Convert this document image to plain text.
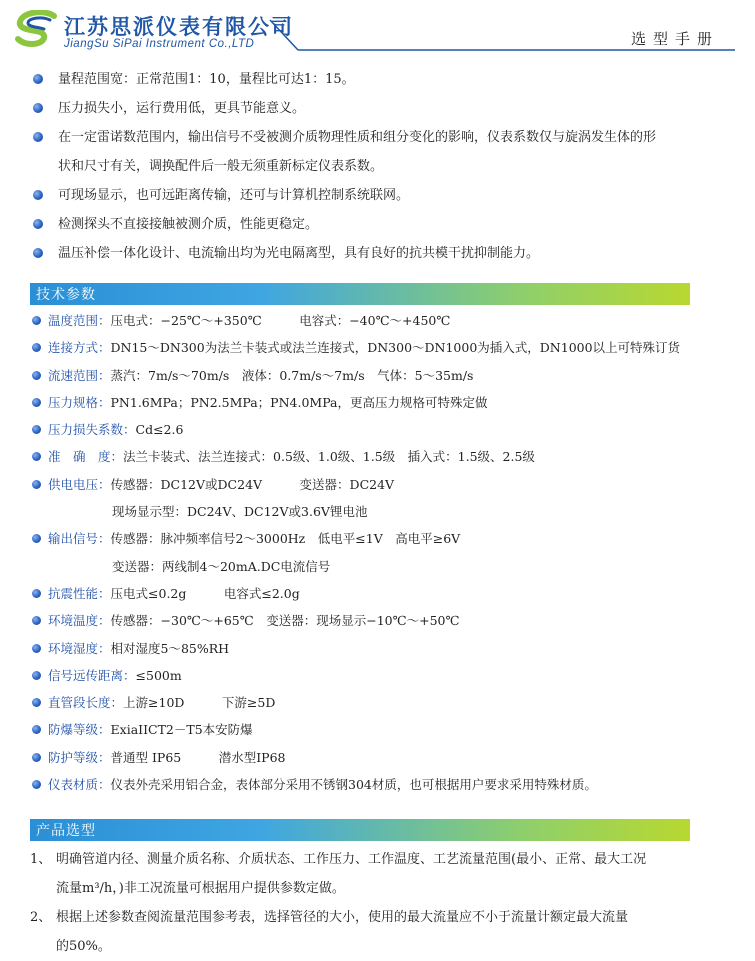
江苏思派仪表有限公司
JiangSu SiPai Instrument Co.,LTD	选型手册

量程范围宽：正常范围1：10，量程比可达1：15。

压力损失小，运行费用低，更具节能意义。

在一定雷诺数范围内，输出信号不受被测介质物理性质和组分变化的影响，仪表系数仅与旋涡发生体的形

状和尺寸有关，调换配件后一般无须重新标定仪表系数。

可现场显示，也可远距离传输，还可与计算机控制系统联网。

检测探头不直接接触被测介质，性能更稳定。

温压补偿一体化设计、电流输出均为光电隔离型，具有良好的抗共模干扰抑制能力。

技术参数
温度范围：压电式：−25℃～+350℃　　　电容式：−40℃～+450℃
连接方式：DN15～DN300为法兰卡装式或法兰连接式，DN300～DN1000为插入式，DN1000以上可特殊订货
流速范围：蒸汽：7m/s～70m/s　液体：0.7m/s～7m/s　气体：5～35m/s
压力规格：PN1.6MPa；PN2.5MPa；PN4.0MPa，更高压力规格可特殊定做
压力损失系数：Cd≤2.6
准　确　度：法兰卡装式、法兰连接式：0.5级、1.0级、1.5级　插入式：1.5级、2.5级
供电电压：传感器：DC12V或DC24V　　　变送器：DC24V
现场显示型：DC24V、DC12V或3.6V锂电池
输出信号：传感器：脉冲频率信号2～3000Hz　低电平≤1V　高电平≥6V
变送器：两线制4～20mA.DC电流信号
抗震性能：压电式≤0.2g　　　电容式≤2.0g
环境温度：传感器：−30℃～+65℃　变送器：现场显示−10℃～+50℃
环境湿度：相对湿度5～85%RH
信号远传距离：≤500m
直管段长度：上游≥10D　　　下游≥5D
防爆等级：ExiaIICT2－T5本安防爆
防护等级：普通型 IP65　　　潜水型IP68
仪表材质：仪表外壳采用铝合金，表体部分采用不锈钢304材质，也可根据用户要求采用特殊材质。
产品选型
1、 明确管道内径、测量介质名称、介质状态、工作压力、工作温度、工艺流量范围(最小、正常、最大工况
流量m³/h，)非工况流量可根据用户提供参数定做。
2、 根据上述参数查阅流量范围参考表，选择管径的大小，使用的最大流量应不小于流量计额定最大流量
的50%。
